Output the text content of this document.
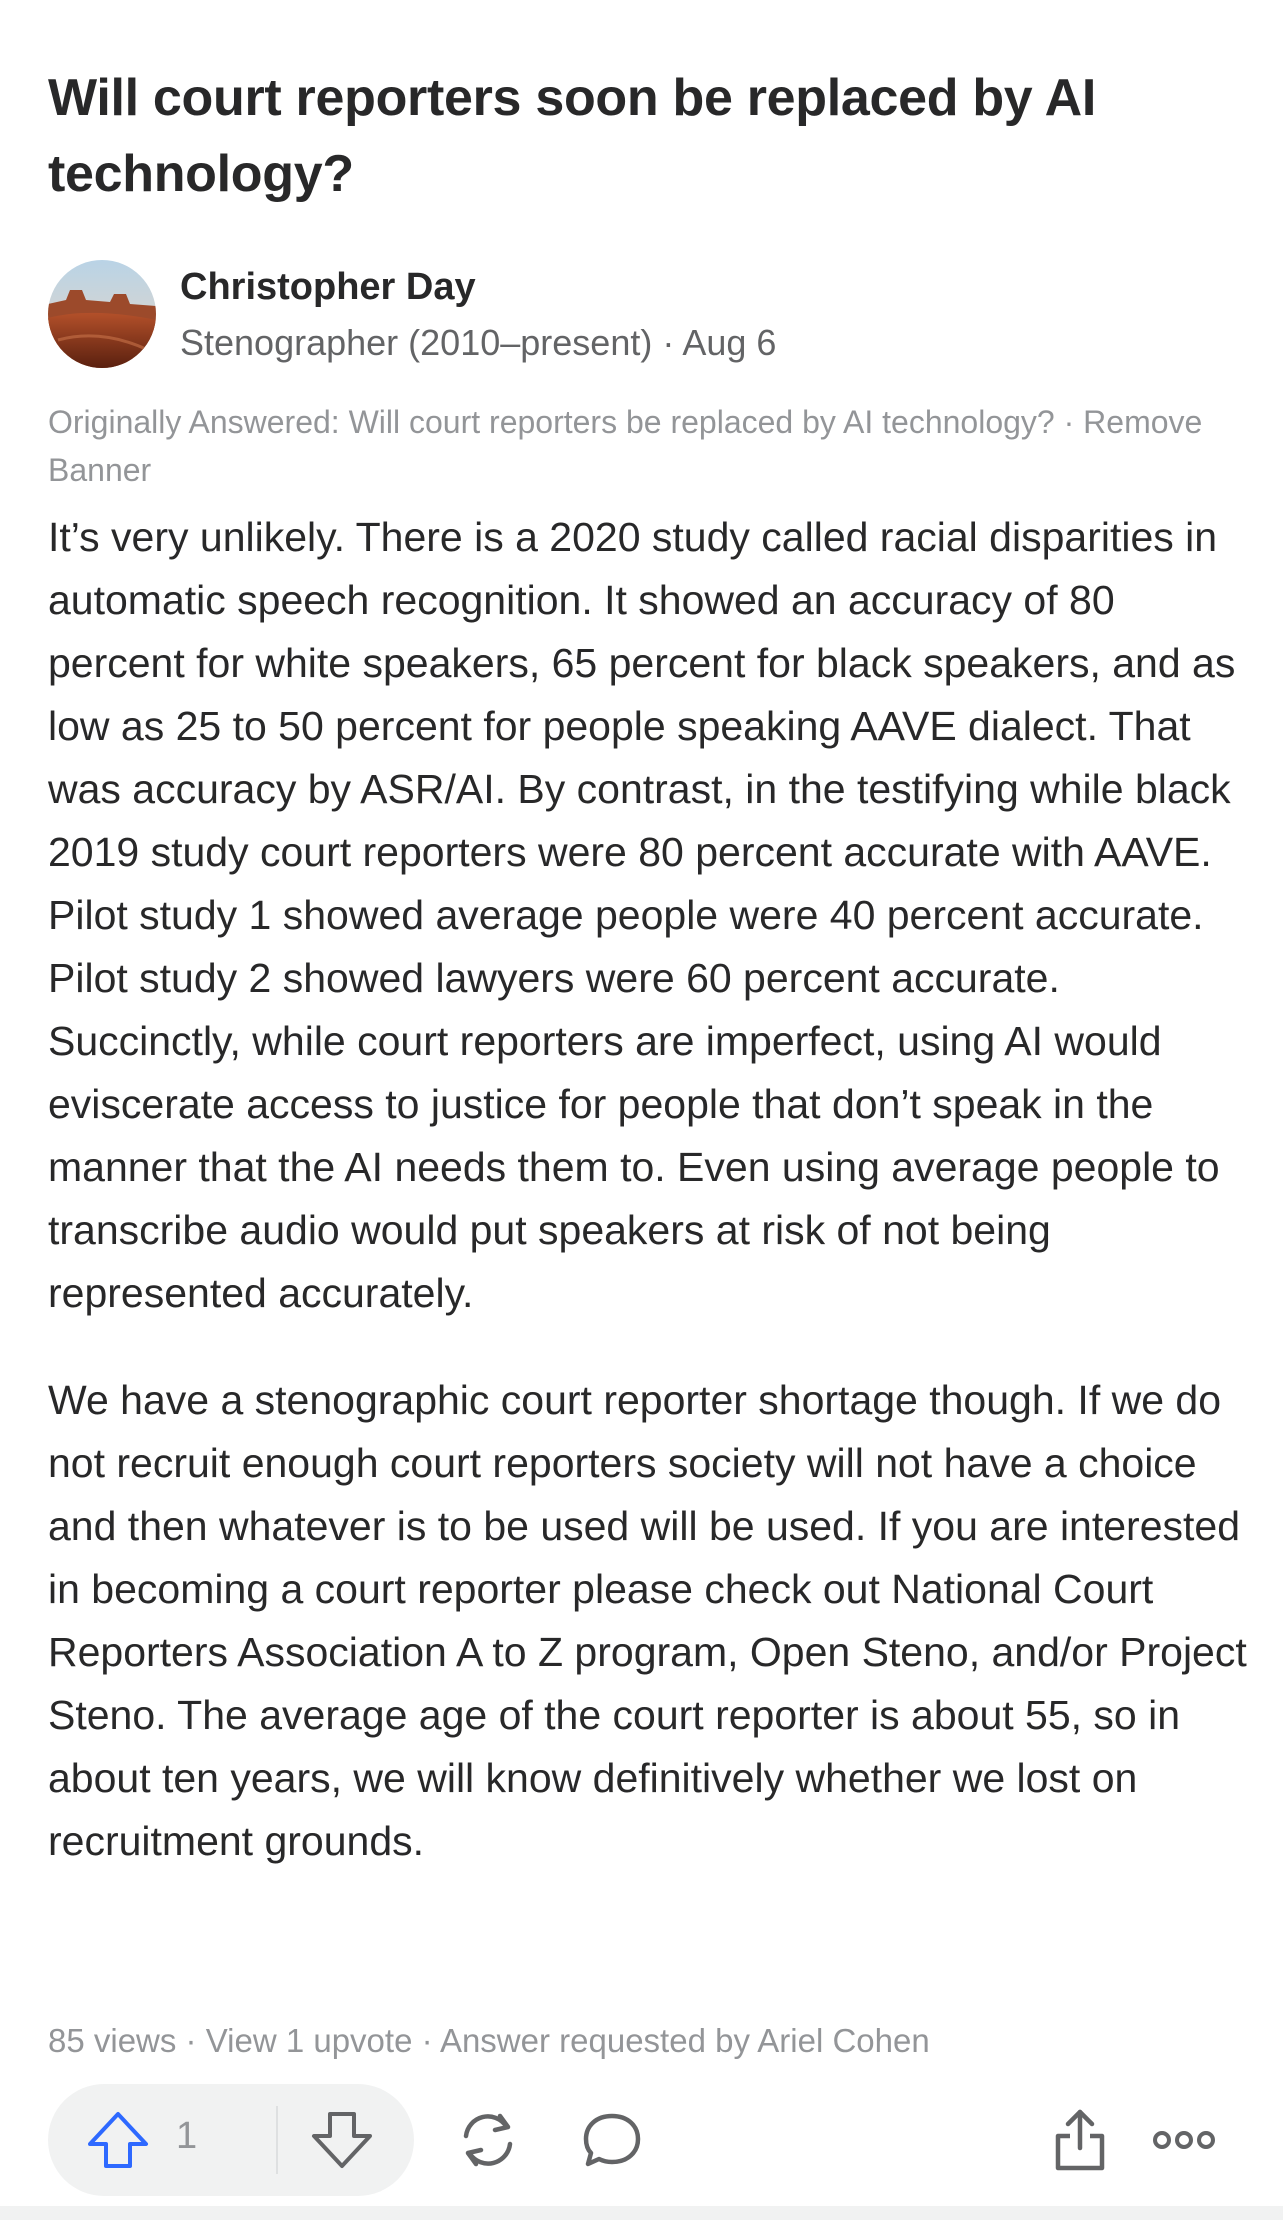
Will court reporters soon be replaced by AI technology?
Christopher Day
Stenographer (2010–present) · Aug 6
Originally Answered: Will court reporters be replaced by AI technology? · Remove Banner

It’s very unlikely. There is a 2020 study called racial disparities in automatic speech recognition. It showed an accuracy of 80 percent for white speakers, 65 percent for black speakers, and as low as 25 to 50 percent for people speaking AAVE dialect. That was accuracy by ASR/AI. By contrast, in the testifying while black 2019 study court reporters were 80 percent accurate with AAVE. Pilot study 1 showed average people were 40 percent accurate. Pilot study 2 showed lawyers were 60 percent accurate. Succinctly, while court reporters are imperfect, using AI would eviscerate access to justice for people that don’t speak in the manner that the AI needs them to. Even using average people to transcribe audio would put speakers at risk of not being represented accurately.

We have a stenographic court reporter shortage though. If we do not recruit enough court reporters society will not have a choice and then whatever is to be used will be used. If you are interested in becoming a court reporter please check out National Court Reporters Association A to Z program, Open Steno, and/or Project Steno. The average age of the court reporter is about 55, so in about ten years, we will know definitively whether we lost on recruitment grounds.

85 views · View 1 upvote · Answer requested by Ariel Cohen
1
